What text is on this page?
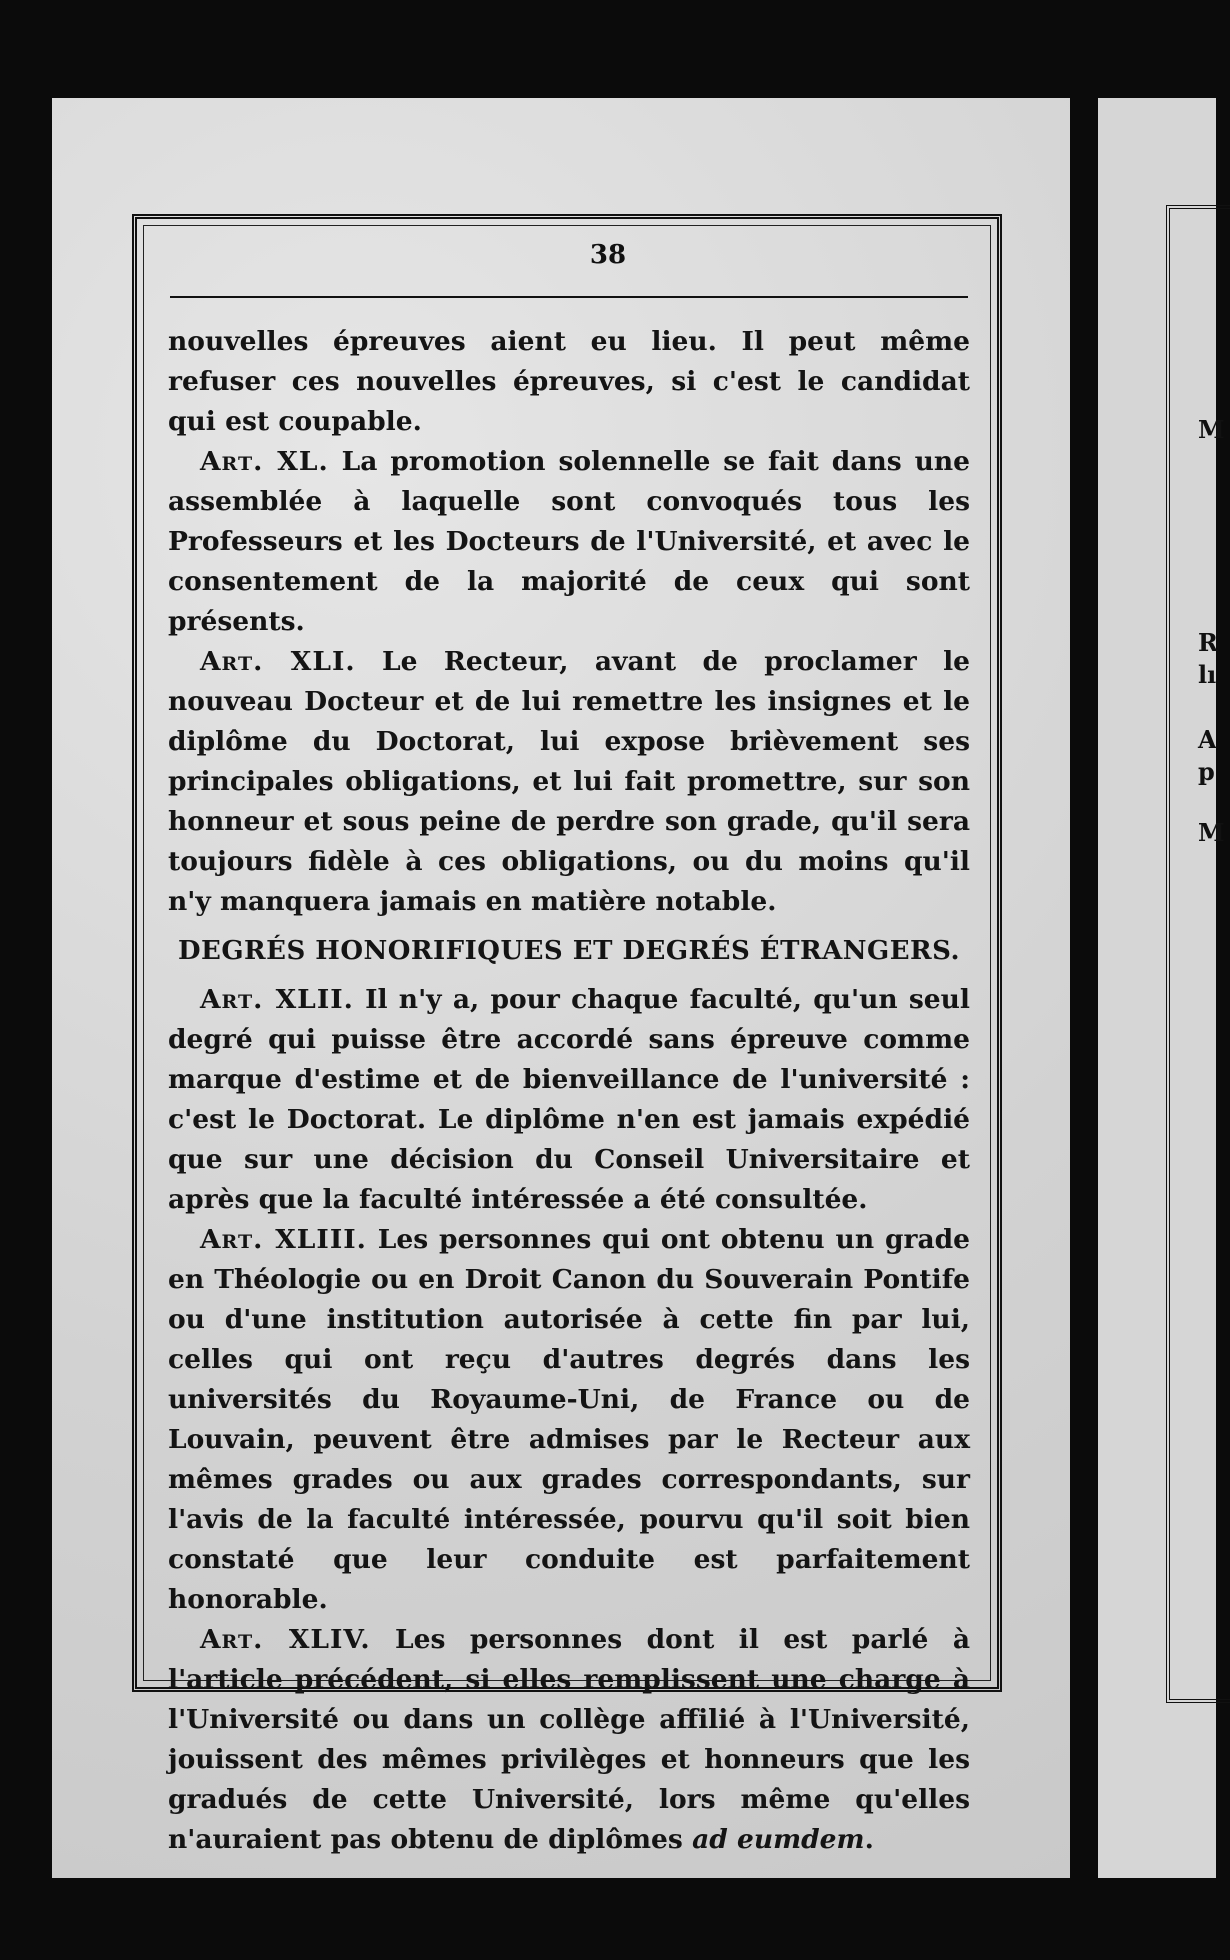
M
R
lı
A
p
M
38

nouvelles épreuves aient eu lieu. Il peut même refuser ces nouvelles épreuves, si c'est le candidat qui est coupable.

Art. XL. La promotion solennelle se fait dans une assemblée à laquelle sont convoqués tous les Professeurs et les Docteurs de l'Université, et avec le consentement de la majorité de ceux qui sont présents.

Art. XLI. Le Recteur, avant de proclamer le nouveau Docteur et de lui remettre les insignes et le diplôme du Doctorat, lui expose brièvement ses principales obligations, et lui fait promettre, sur son honneur et sous peine de perdre son grade, qu'il sera toujours fidèle à ces obligations, ou du moins qu'il n'y manquera jamais en matière notable.

DEGRÉS HONORIFIQUES ET DEGRÉS ÉTRANGERS.

Art. XLII. Il n'y a, pour chaque faculté, qu'un seul degré qui puisse être accordé sans épreuve comme marque d'estime et de bienveillance de l'université : c'est le Doctorat. Le diplôme n'en est jamais expédié que sur une décision du Conseil Universitaire et après que la faculté intéressée a été consultée.

Art. XLIII. Les personnes qui ont obtenu un grade en Théologie ou en Droit Canon du Souverain Pontife ou d'une institution autorisée à cette fin par lui, celles qui ont reçu d'autres degrés dans les universités du Royaume-Uni, de France ou de Louvain, peuvent être admises par le Recteur aux mêmes grades ou aux grades correspondants, sur l'avis de la faculté intéressée, pourvu qu'il soit bien constaté que leur conduite est parfaitement honorable.

Art. XLIV. Les personnes dont il est parlé à l'article précédent, si elles remplissent une charge à l'Université ou dans un collège affilié à l'Université, jouissent des mêmes privilèges et honneurs que les gradués de cette Université, lors même qu'elles n'auraient pas obtenu de diplômes ad eumdem.
